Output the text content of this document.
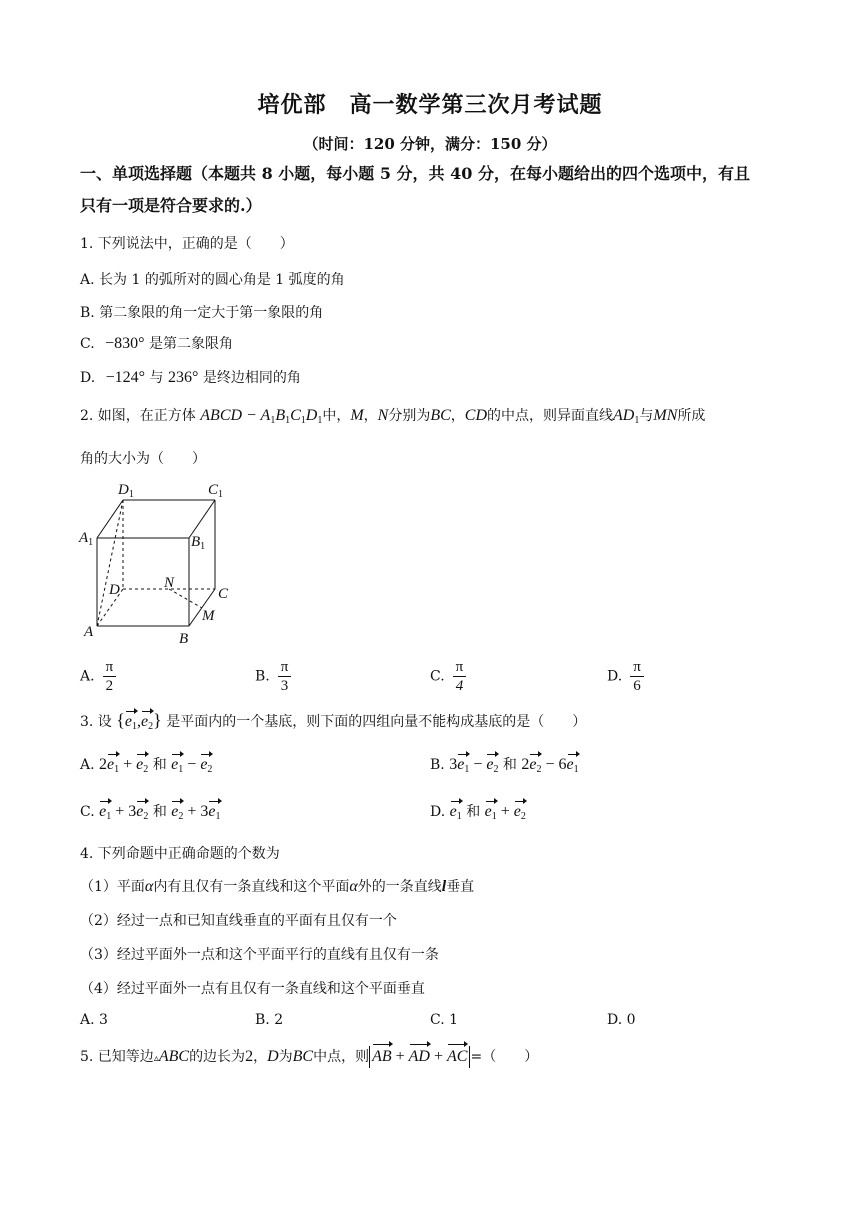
培优部　高一数学第三次月考试题
（时间：120 分钟，满分：150 分）
一、单项选择题（本题共 8 小题，每小题 5 分，共 40 分，在每小题给出的四个选项中，有且
只有一项是符合要求的.）
1. 下列说法中，正确的是（　　）
A. 长为 1 的弧所对的圆心角是 1 弧度的角
B. 第二象限的角一定大于第一象限的角
C. −830° 是第二象限角
D. −124° 与 236° 是终边相同的角
2. 如图，在正方体 ABCD − $A_1B_1C_1D_1$中，M，N分别为BC，CD的中点，则异面直线$AD_1$与MN所成
角的大小为（　　）
$D_1$	$C_1$
$A_1$	$B_1$
D	N
C
M
A	B
A. $\frac{\pi}{2}$	B. $\frac{\pi}{3}$	C. $\frac{\pi}{4}$	D. $\frac{\pi}{6}$
3. 设 $\{e_1,e_2\}$ 是平面内的一个基底，则下面的四组向量不能构成基底的是（　　）
A. $2e_1 + e_2$ 和 $e_1 - e_2$	B. $3e_1 - e_2$ 和 $2e_2 - 6e_1$
C. $e_1 + 3e_2$ 和 $e_2 + 3e_1$	D. $e_1$ 和 $e_1 + e_2$
4. 下列命题中正确命题的个数为
（1）平面α内有且仅有一条直线和这个平面α外的一条直线l垂直
（2）经过一点和已知直线垂直的平面有且仅有一个
（3）经过平面外一点和这个平面平行的直线有且仅有一条
（4）经过平面外一点有且仅有一条直线和这个平面垂直
A. 3	B. 2	C. 1	D. 0
5. 已知等边▵ABC的边长为2，D为BC中点，则 AB + AD + AC =（　　）
